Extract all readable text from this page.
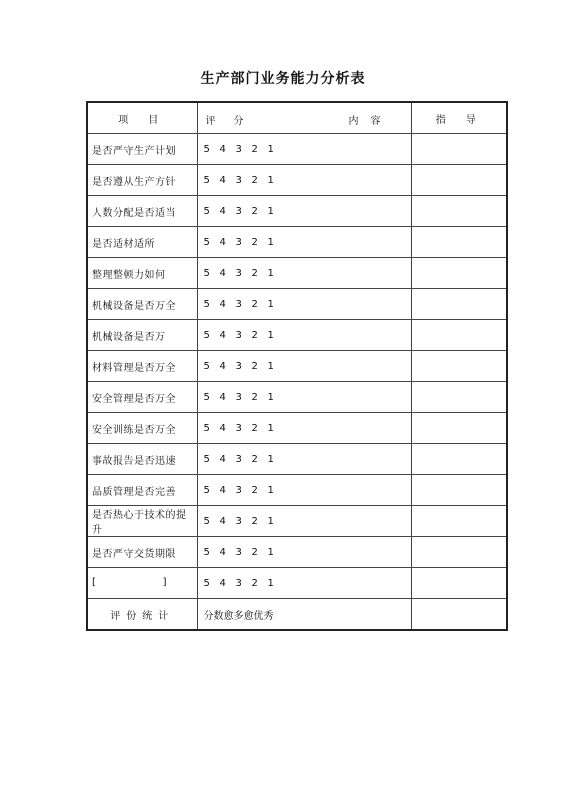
生产部门业务能力分析表
项目	评分 内容	指导
是否严守生产计划	5 4 3 2 1	
是否遵从生产方针	5 4 3 2 1	
人数分配是否适当	5 4 3 2 1	
是否适材适所	5 4 3 2 1	
整理整顿力如何	5 4 3 2 1	
机械设备是否万全	5 4 3 2 1	
机械设备是否万	5 4 3 2 1	
材料管理是否万全	5 4 3 2 1	
安全管理是否万全	5 4 3 2 1	
安全训练是否万全	5 4 3 2 1	
事故报告是否迅速	5 4 3 2 1	
品质管理是否完善	5 4 3 2 1	
是否热心于技术的提升	5 4 3 2 1	
是否严守交货期限	5 4 3 2 1	

[ ]	5 4 3 2 1	
评份统计	分数愈多愈优秀	
